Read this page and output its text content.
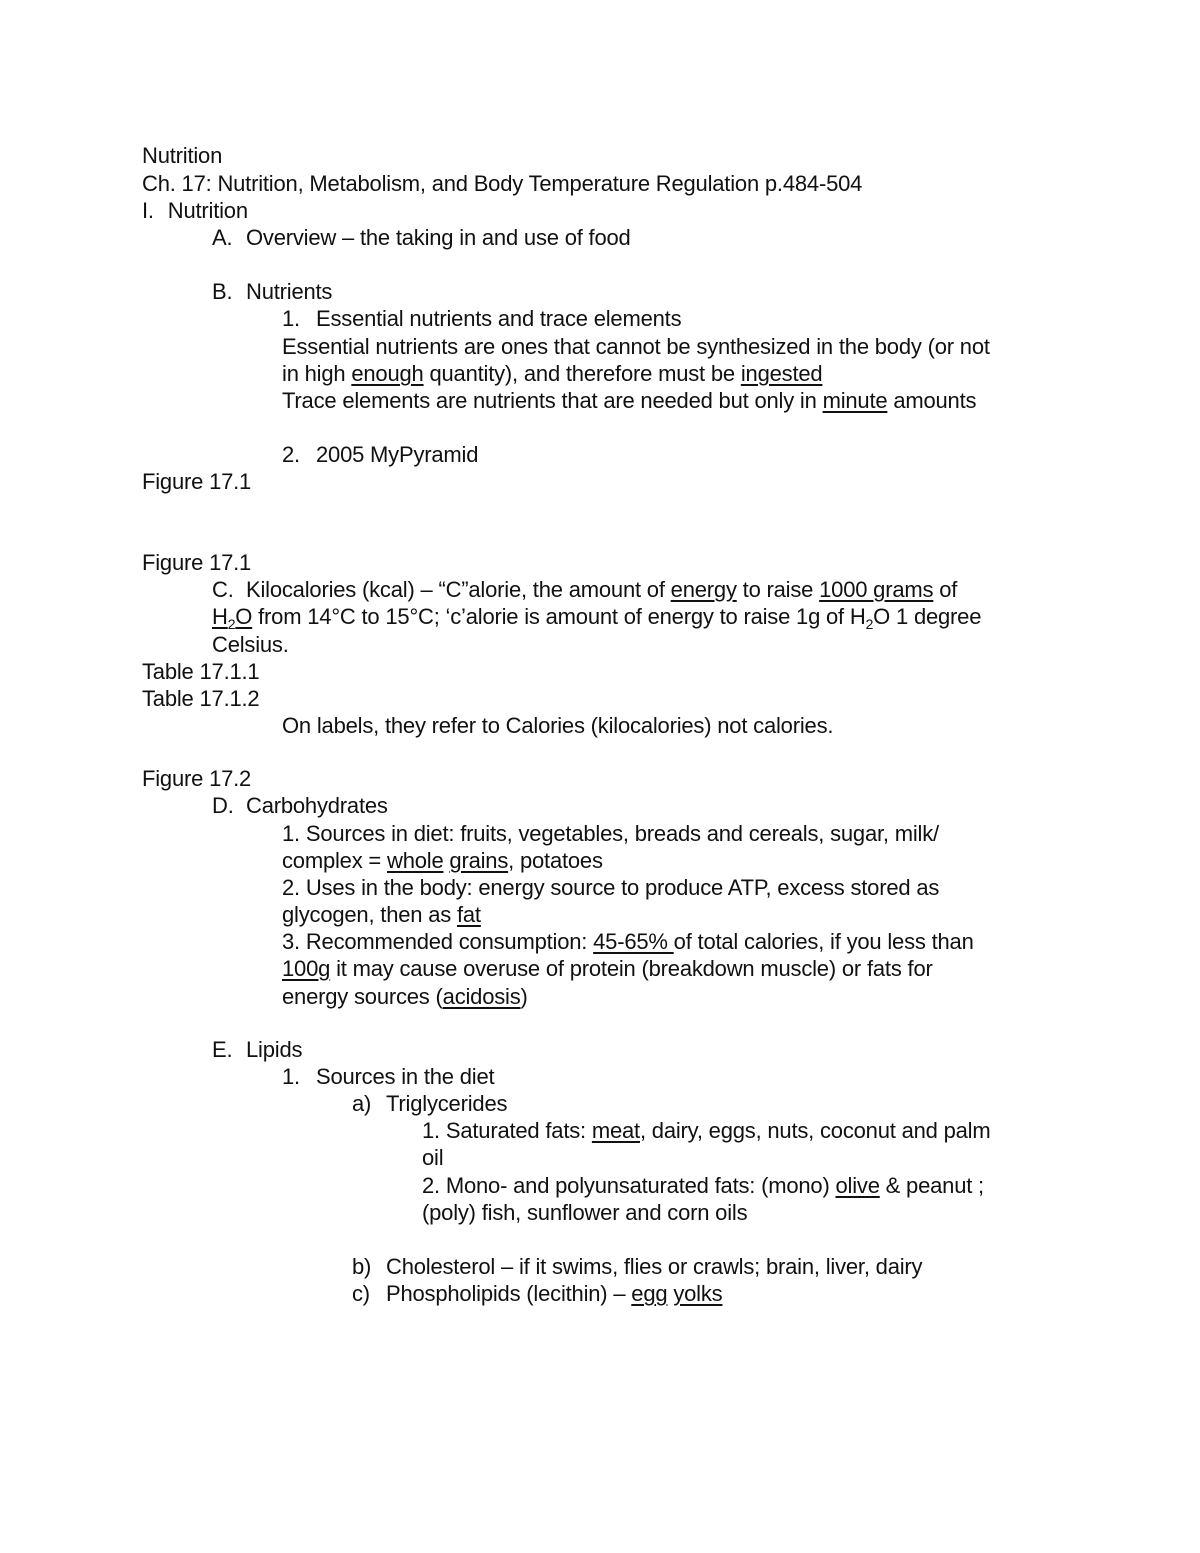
Nutrition
Ch. 17: Nutrition, Metabolism, and Body Temperature Regulation p.484-504
I. Nutrition
A. Overview – the taking in and use of food
B. Nutrients
1. Essential nutrients and trace elements
Essential nutrients are ones that cannot be synthesized in the body (or not
in high enough quantity), and therefore must be ingested
Trace elements are nutrients that are needed but only in minute amounts
2. 2005 MyPyramid
Figure 17.1
Figure 17.1
C. Kilocalories (kcal) – “C”alorie, the amount of energy to raise 1000 grams of
$H_2O$ from 14°C to 15°C; ‘c’alorie is amount of energy to raise 1g of $H_2O$ 1 degree
Celsius.
Table 17.1.1
Table 17.1.2
On labels, they refer to Calories (kilocalories) not calories.
Figure 17.2
D. Carbohydrates
1. Sources in diet: fruits, vegetables, breads and cereals, sugar, milk/
complex = whole grains, potatoes
2. Uses in the body: energy source to produce ATP, excess stored as
glycogen, then as fat
3. Recommended consumption: 45-65% of total calories, if you less than
100g it may cause overuse of protein (breakdown muscle) or fats for
energy sources (acidosis)
E. Lipids
1. Sources in the diet
a) Triglycerides
1. Saturated fats: meat, dairy, eggs, nuts, coconut and palm
oil
2. Mono- and polyunsaturated fats: (mono) olive & peanut ;
(poly) fish, sunflower and corn oils
b) Cholesterol – if it swims, flies or crawls; brain, liver, dairy
c) Phospholipids (lecithin) – egg yolks
